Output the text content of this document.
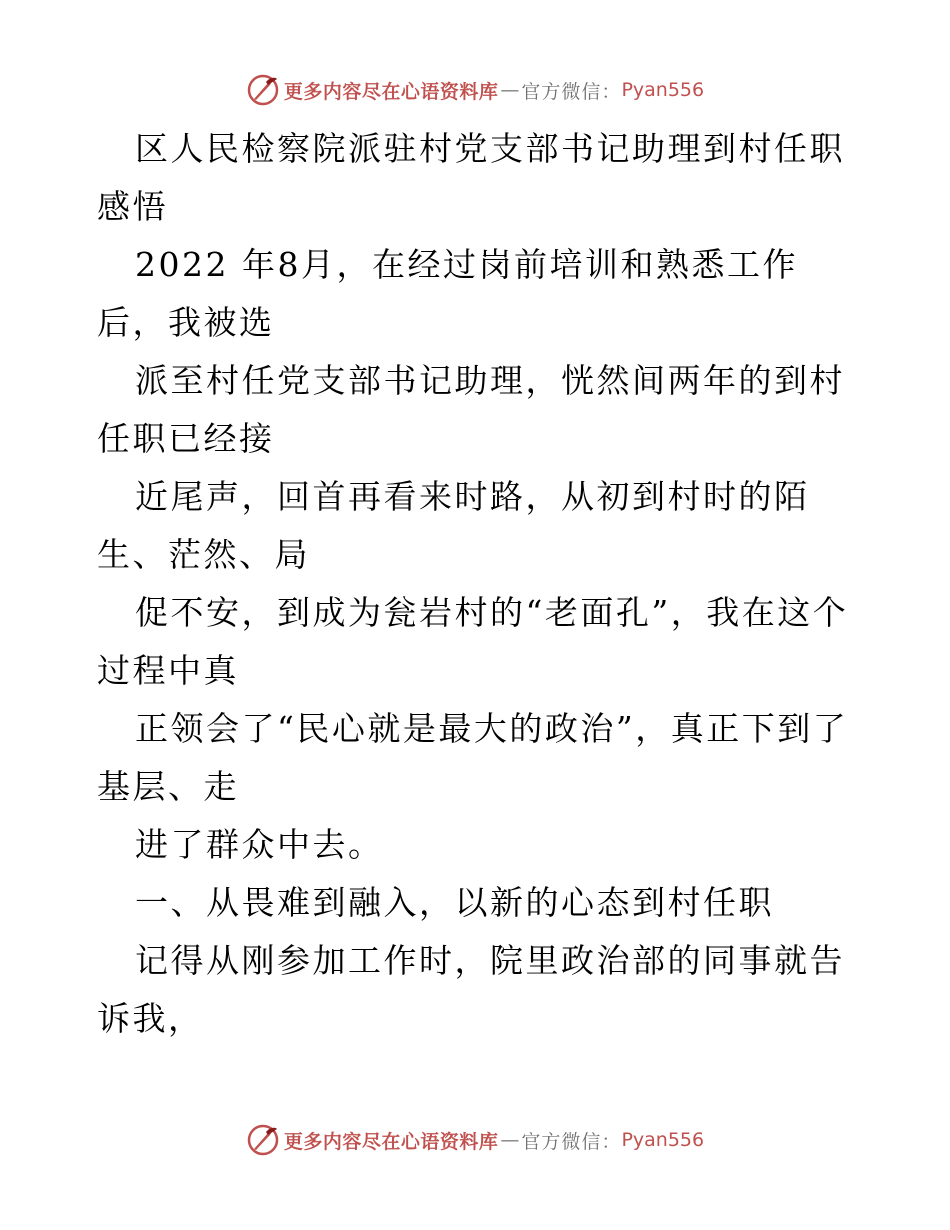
更多内容尽在心语资料库 — 官方微信： Pyan556

区人民检察院派驻村党支部书记助理到村任职感悟

2022 年8月，在经过岗前培训和熟悉工作后，我被选

派至村任党支部书记助理，恍然间两年的到村任职已经接

近尾声，回首再看来时路，从初到村时的陌生、茫然、局

促不安，到成为瓮岩村的“老面孔”，我在这个过程中真

正领会了“民心就是最大的政治”，真正下到了基层、走

进了群众中去。

一、从畏难到融入，以新的心态到村任职

记得从刚参加工作时，院里政治部的同事就告诉我，

更多内容尽在心语资料库 — 官方微信： Pyan556
